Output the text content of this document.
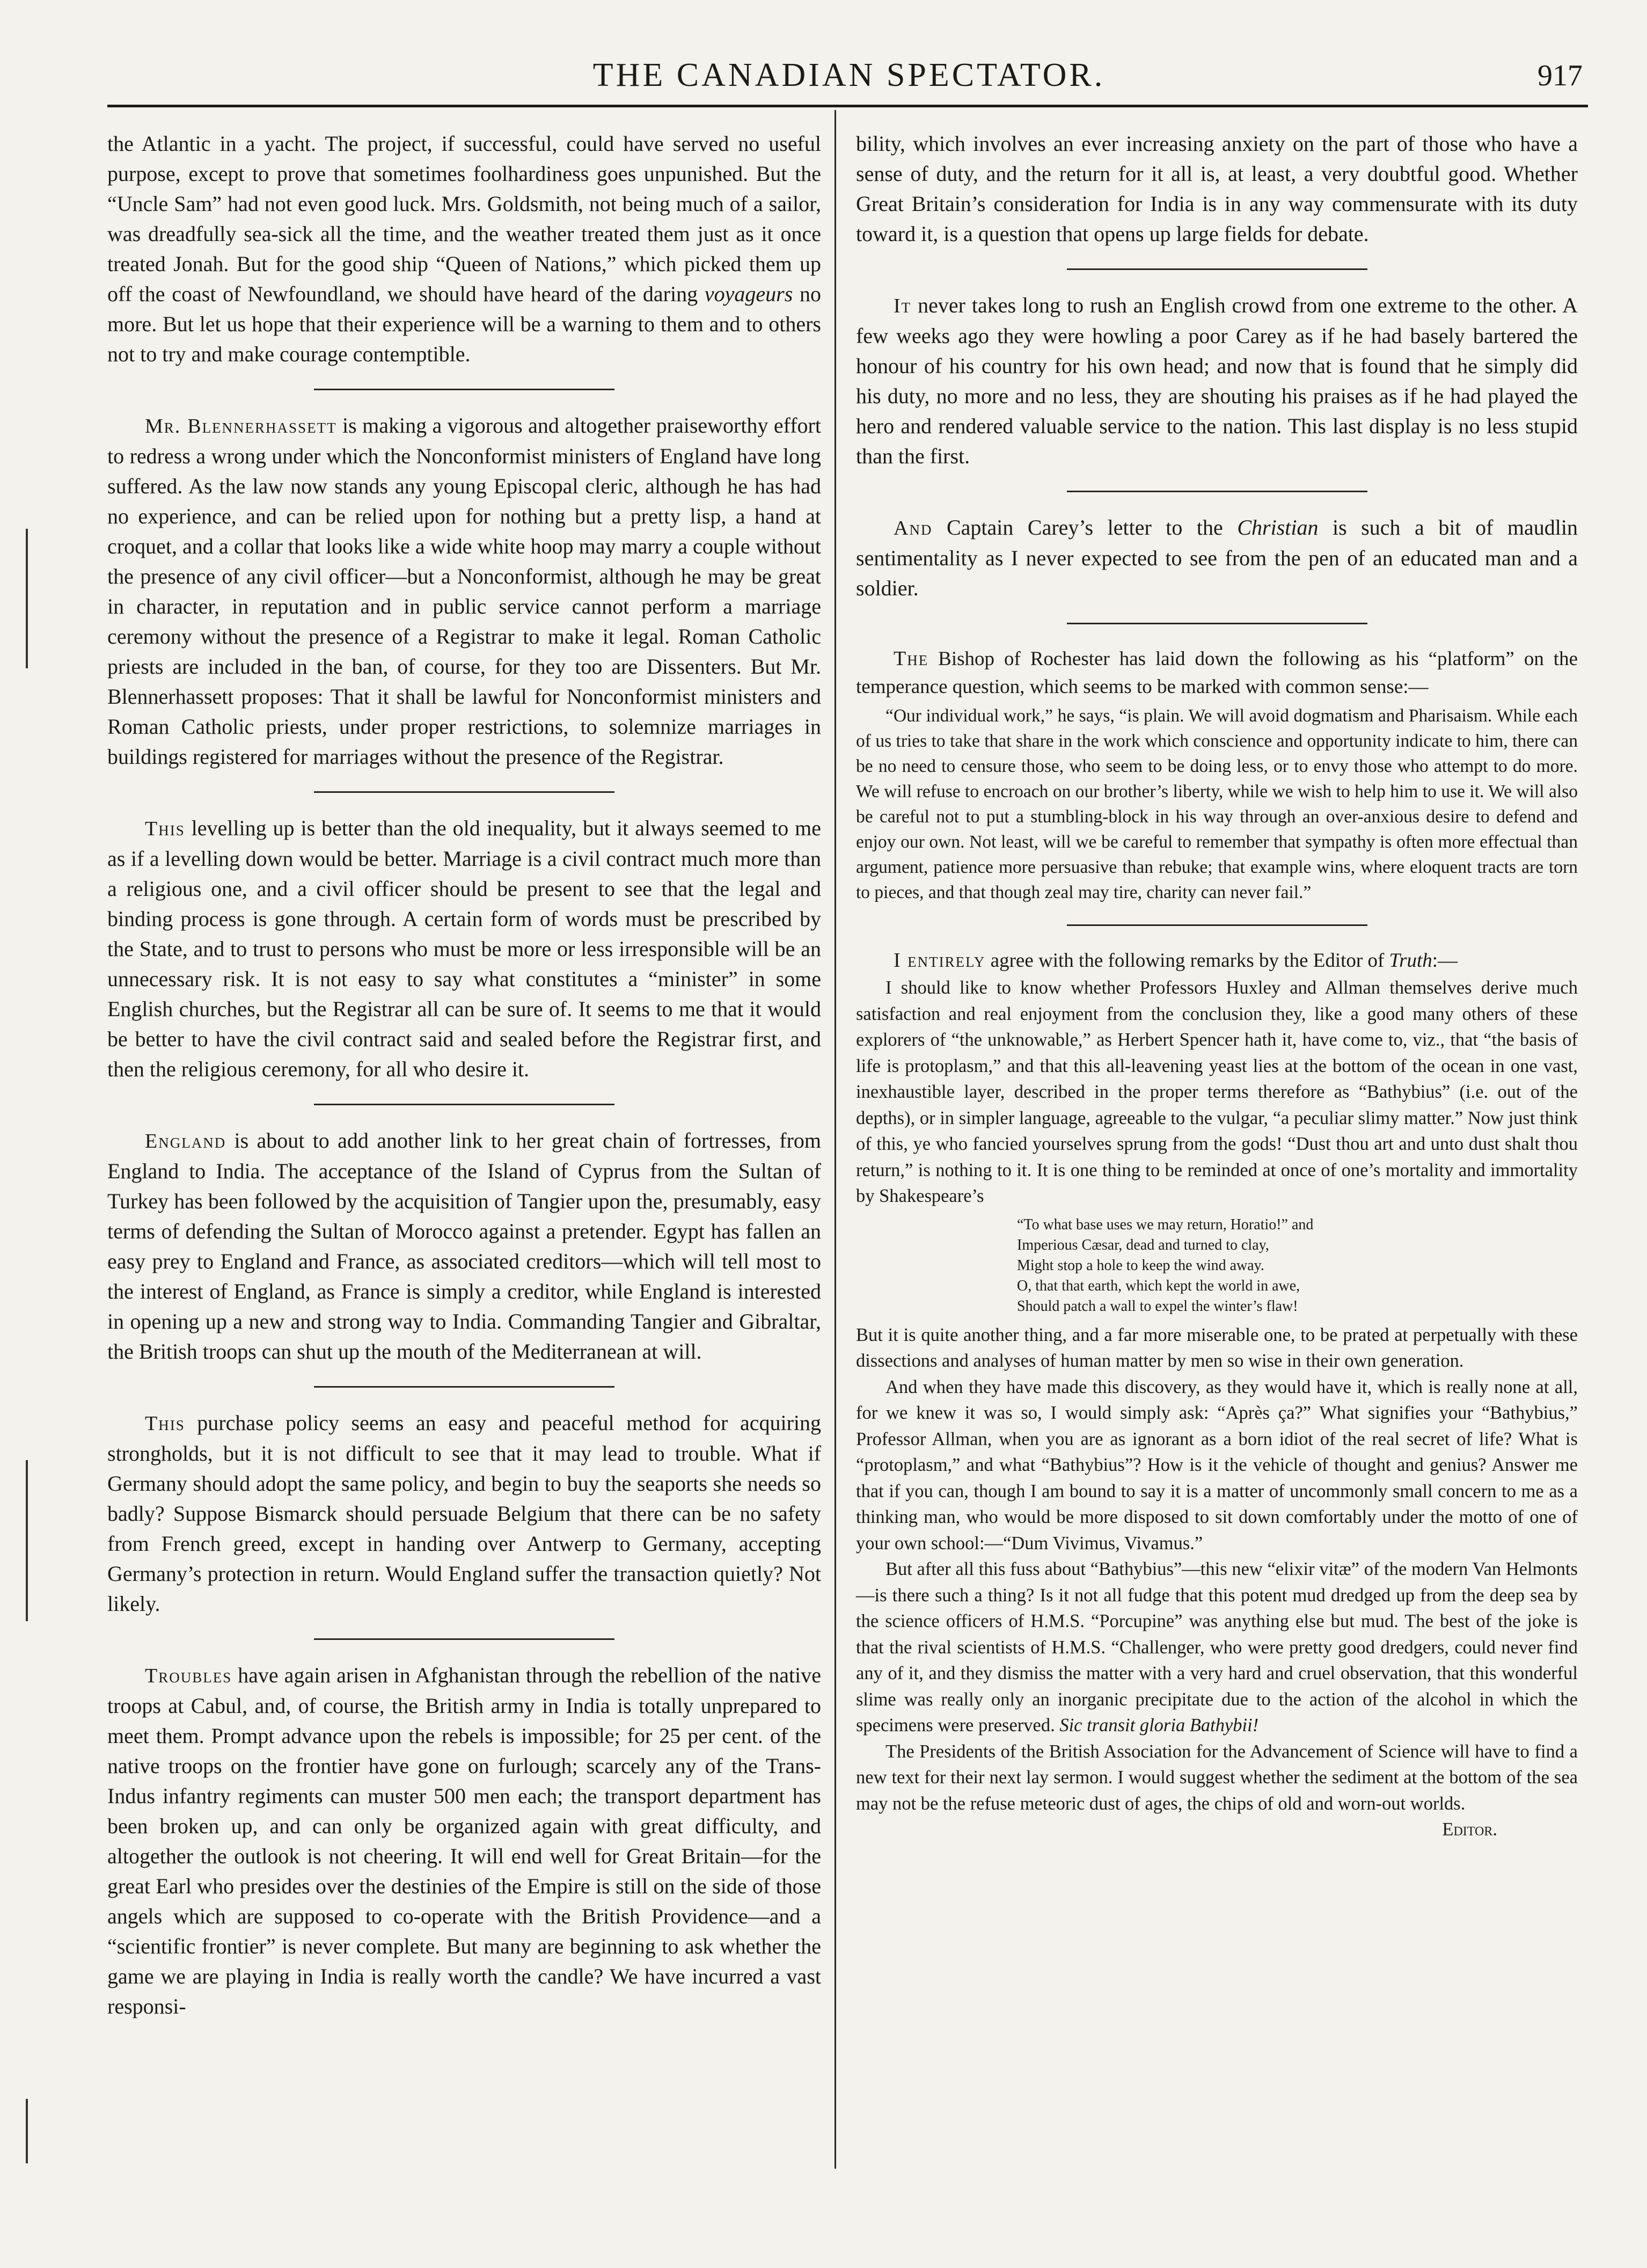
THE CANADIAN SPECTATOR.	917

the Atlantic in a yacht. The project, if successful, could have served no useful purpose, except to prove that sometimes foolhardiness goes unpunished. But the “Uncle Sam” had not even good luck. Mrs. Goldsmith, not being much of a sailor, was dreadfully sea-sick all the time, and the weather treated them just as it once treated Jonah. But for the good ship “Queen of Nations,” which picked them up off the coast of Newfoundland, we should have heard of the daring voyageurs no more. But let us hope that their experience will be a warning to them and to others not to try and make courage contemptible.

Mr. Blennerhassett is making a vigorous and altogether praiseworthy effort to redress a wrong under which the Nonconformist ministers of England have long suffered. As the law now stands any young Episcopal cleric, although he has had no experience, and can be relied upon for nothing but a pretty lisp, a hand at croquet, and a collar that looks like a wide white hoop may marry a couple without the presence of any civil officer—but a Nonconformist, although he may be great in character, in reputation and in public service cannot perform a marriage ceremony without the presence of a Registrar to make it legal. Roman Catholic priests are included in the ban, of course, for they too are Dissenters. But Mr. Blennerhassett proposes: That it shall be lawful for Nonconformist ministers and Roman Catholic priests, under proper restrictions, to solemnize marriages in buildings registered for marriages without the presence of the Registrar.

This levelling up is better than the old inequality, but it always seemed to me as if a levelling down would be better. Marriage is a civil contract much more than a religious one, and a civil officer should be present to see that the legal and binding process is gone through. A certain form of words must be prescribed by the State, and to trust to persons who must be more or less irresponsible will be an unnecessary risk. It is not easy to say what constitutes a “minister” in some English churches, but the Registrar all can be sure of. It seems to me that it would be better to have the civil contract said and sealed before the Registrar first, and then the religious ceremony, for all who desire it.

England is about to add another link to her great chain of fortresses, from England to India. The acceptance of the Island of Cyprus from the Sultan of Turkey has been followed by the acquisition of Tangier upon the, presumably, easy terms of defending the Sultan of Morocco against a pretender. Egypt has fallen an easy prey to England and France, as associated creditors—which will tell most to the interest of England, as France is simply a creditor, while England is interested in opening up a new and strong way to India. Commanding Tangier and Gibraltar, the British troops can shut up the mouth of the Mediterranean at will.

This purchase policy seems an easy and peaceful method for acquiring strongholds, but it is not difficult to see that it may lead to trouble. What if Germany should adopt the same policy, and begin to buy the seaports she needs so badly? Suppose Bismarck should persuade Belgium that there can be no safety from French greed, except in handing over Antwerp to Germany, accepting Germany’s protection in return. Would England suffer the transaction quietly? Not likely.

Troubles have again arisen in Afghanistan through the rebellion of the native troops at Cabul, and, of course, the British army in India is totally unprepared to meet them. Prompt advance upon the rebels is impossible; for 25 per cent. of the native troops on the frontier have gone on furlough; scarcely any of the Trans-Indus infantry regiments can muster 500 men each; the transport department has been broken up, and can only be organized again with great difficulty, and altogether the outlook is not cheering. It will end well for Great Britain—for the great Earl who presides over the destinies of the Empire is still on the side of those angels which are supposed to co-operate with the British Providence—and a “scientific frontier” is never complete. But many are beginning to ask whether the game we are playing in India is really worth the candle? We have incurred a vast responsi-

bility, which involves an ever increasing anxiety on the part of those who have a sense of duty, and the return for it all is, at least, a very doubtful good. Whether Great Britain’s consideration for India is in any way commensurate with its duty toward it, is a question that opens up large fields for debate.

It never takes long to rush an English crowd from one extreme to the other. A few weeks ago they were howling a poor Carey as if he had basely bartered the honour of his country for his own head; and now that is found that he simply did his duty, no more and no less, they are shouting his praises as if he had played the hero and rendered valuable service to the nation. This last display is no less stupid than the first.

And Captain Carey’s letter to the Christian is such a bit of maudlin sentimentality as I never expected to see from the pen of an educated man and a soldier.

The Bishop of Rochester has laid down the following as his “platform” on the temperance question, which seems to be marked with common sense:—

“Our individual work,” he says, “is plain. We will avoid dogmatism and Pharisaism. While each of us tries to take that share in the work which conscience and opportunity indicate to him, there can be no need to censure those, who seem to be doing less, or to envy those who attempt to do more. We will refuse to encroach on our brother’s liberty, while we wish to help him to use it. We will also be careful not to put a stumbling-block in his way through an over-anxious desire to defend and enjoy our own. Not least, will we be careful to remember that sympathy is often more effectual than argument, patience more persuasive than rebuke; that example wins, where eloquent tracts are torn to pieces, and that though zeal may tire, charity can never fail.”

I entirely agree with the following remarks by the Editor of Truth:—

I should like to know whether Professors Huxley and Allman themselves derive much satisfaction and real enjoyment from the conclusion they, like a good many others of these explorers of “the unknowable,” as Herbert Spencer hath it, have come to, viz., that “the basis of life is protoplasm,” and that this all-leavening yeast lies at the bottom of the ocean in one vast, inexhaustible layer, described in the proper terms therefore as “Bathybius” (i.e. out of the depths), or in simpler language, agreeable to the vulgar, “a peculiar slimy matter.” Now just think of this, ye who fancied yourselves sprung from the gods! “Dust thou art and unto dust shalt thou return,” is nothing to it. It is one thing to be reminded at once of one’s mortality and immortality by Shakespeare’s

“To what base uses we may return, Horatio!” and
Imperious Cæsar, dead and turned to clay,
Might stop a hole to keep the wind away.
O, that that earth, which kept the world in awe,
Should patch a wall to expel the winter’s flaw!

But it is quite another thing, and a far more miserable one, to be prated at perpetually with these dissections and analyses of human matter by men so wise in their own generation.

And when they have made this discovery, as they would have it, which is really none at all, for we knew it was so, I would simply ask: “Après ça?” What signifies your “Bathybius,” Professor Allman, when you are as ignorant as a born idiot of the real secret of life? What is “protoplasm,” and what “Bathybius”? How is it the vehicle of thought and genius? Answer me that if you can, though I am bound to say it is a matter of uncommonly small concern to me as a thinking man, who would be more disposed to sit down comfortably under the motto of one of your own school:—“Dum Vivimus, Vivamus.”

But after all this fuss about “Bathybius”—this new “elixir vitæ” of the modern Van Helmonts—is there such a thing? Is it not all fudge that this potent mud dredged up from the deep sea by the science officers of H.M.S. “Porcupine” was anything else but mud. The best of the joke is that the rival scientists of H.M.S. “Challenger, who were pretty good dredgers, could never find any of it, and they dismiss the matter with a very hard and cruel observation, that this wonderful slime was really only an inorganic precipitate due to the action of the alcohol in which the specimens were preserved. Sic transit gloria Bathybii!

The Presidents of the British Association for the Advancement of Science will have to find a new text for their next lay sermon. I would suggest whether the sediment at the bottom of the sea may not be the refuse meteoric dust of ages, the chips of old and worn-out worlds.

Editor.
